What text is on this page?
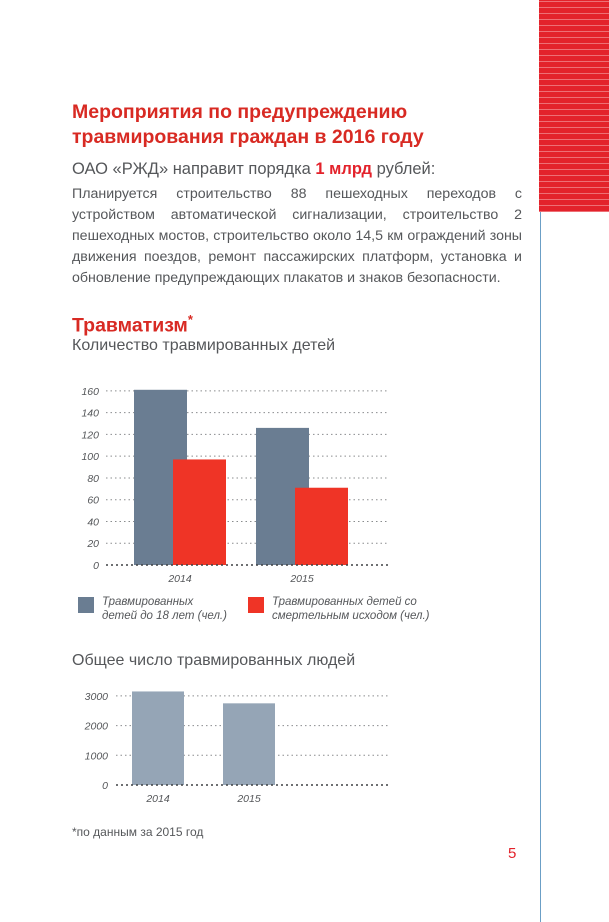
Мероприятия по предупреждению
травмирования граждан в 2016 году
ОАО «РЖД» направит порядка 1 млрд рублей:
Планируется строительство 88 пешеходных переходов с устройством автоматической сигнализации, строительство 2 пешеходных мостов, строительство около 14,5 км ограждений зоны движения поездов, ремонт пассажирских платформ, установка и обновление предупреждающих плакатов и знаков безопасности.
Травматизм*
Количество травмированных детей
0
20
40
60
80
100
120
140
160
2014	2015
Травмированных
детей до 18 лет (чел.)
Травмированных детей со
смертельным исходом (чел.)
Общее число травмированных людей
0
1000
2000
3000
2014	2015
*по данным за 2015 год
5
